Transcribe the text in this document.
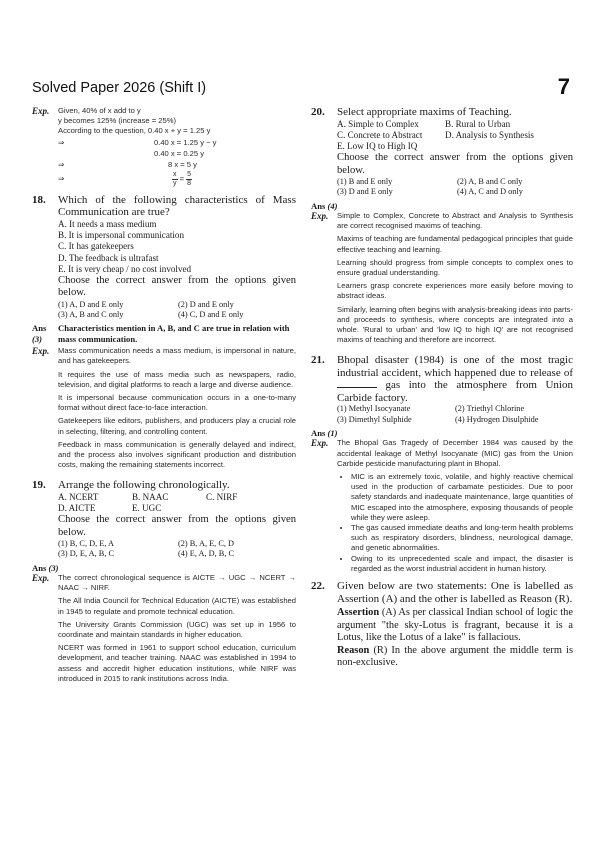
Solved Paper 2026 (Shift I)	7
Exp.	Given, 40% of x add to y
y becomes 125% (increase = 25%)
According to the question, 0.40 x + y = 1.25 y
⇒	0.40 x = 1.25 y − y
0.40 x = 0.25 y
⇒	8 x = 5 y
⇒	$\frac{x}{y} = \frac{5}{8}$
18.	Which of the following characteristics of Mass Communication are true?
A. It needs a mass medium
B. It is impersonal communication
C. It has gatekeepers
D. The feedback is ultrafast
E. It is very cheap / no cost involved
Choose the correct answer from the options given below.
(1) A, D and E only	(2) D and E only
(3) A, B and C only	(4) C, D and E only
Ans (3)
Characteristics mention in A, B, and C are true in relation with mass communication.
Exp.	Mass communication needs a mass medium, is impersonal in nature, and has gatekeepers.

It requires the use of mass media such as newspapers, radio, television, and digital platforms to reach a large and diverse audience.

It is impersonal because communication occurs in a one-to-many format without direct face-to-face interaction.

Gatekeepers like editors, publishers, and producers play a crucial role in selecting, filtering, and controlling content.

Feedback in mass communication is generally delayed and indirect, and the process also involves significant production and distribution costs, making the remaining statements incorrect.

19.	Arrange the following chronologically.
A. NCERT	B. NAAC	C. NIRF
D. AICTE	E. UGC
Choose the correct answer from the options given below.
(1) B, C, D, E, A	(2) B, A, E, C, D
(3) D, E, A, B, C	(4) E, A, D, B, C
Ans (3)
Exp.	The correct chronological sequence is AICTE → UGC → NCERT → NAAC → NIRF.

The All India Council for Technical Education (AICTE) was established in 1945 to regulate and promote technical education.

The University Grants Commission (UGC) was set up in 1956 to coordinate and maintain standards in higher education.

NCERT was formed in 1961 to support school education, curriculum development, and teacher training. NAAC was established in 1994 to assess and accredit higher education institutions, while NIRF was introduced in 2015 to rank institutions across India.

20.	Select appropriate maxims of Teaching.
A. Simple to Complex	B. Rural to Urban
C. Concrete to Abstract	D. Analysis to Synthesis
E. Low IQ to High IQ
Choose the correct answer from the options given below.
(1) B and E only	(2) A, B and C only
(3) D and E only	(4) A, C and D only
Ans (4)
Exp.	Simple to Complex, Concrete to Abstract and Analysis to Synthesis are correct recognised maxims of teaching.

Maxims of teaching are fundamental pedagogical principles that guide effective teaching and learning.

Learning should progress from simple concepts to complex ones to ensure gradual understanding.

Learners grasp concrete experiences more easily before moving to abstract ideas.

Similarly, learning often begins with analysis-breaking ideas into parts-and proceeds to synthesis, where concepts are integrated into a whole. 'Rural to urban' and 'low IQ to high IQ' are not recognised maxims of teaching and therefore are incorrect.

21.	Bhopal disaster (1984) is one of the most tragic industrial accident, which happened due to release of  gas into the atmosphere from Union Carbide factory.
(1) Methyl Isocyanate	(2) Triethyl Chlorine
(3) Dimethyl Sulphide	(4) Hydrogen Disulphide
Ans (1)
Exp.	The Bhopal Gas Tragedy of December 1984 was caused by the accidental leakage of Methyl Isocyanate (MIC) gas from the Union Carbide pesticide manufacturing plant in Bhopal.

• MIC is an extremely toxic, volatile, and highly reactive chemical used in the production of carbamate pesticides. Due to poor safety standards and inadequate maintenance, large quantities of MIC escaped into the atmosphere, exposing thousands of people while they were asleep.
• The gas caused immediate deaths and long-term health problems such as respiratory disorders, blindness, neurological damage, and genetic abnormalities.
• Owing to its unprecedented scale and impact, the disaster is regarded as the worst industrial accident in human history.
22.	Given below are two statements: One is labelled as Assertion (A) and the other is labelled as Reason (R).
Assertion (A) As per classical Indian school of logic the argument "the sky-Lotus is fragrant, because it is a Lotus, like the Lotus of a lake" is fallacious.
Reason (R) In the above argument the middle term is non-exclusive.
